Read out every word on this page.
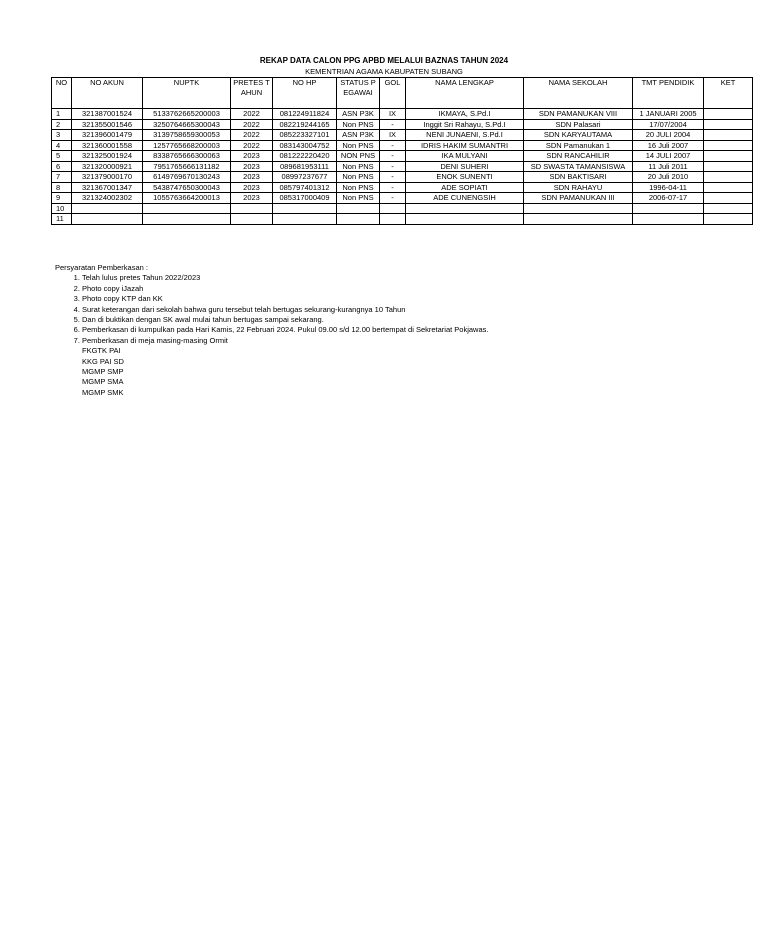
REKAP DATA CALON PPG APBD MELALUI BAZNAS TAHUN 2024
KEMENTRIAN AGAMA KABUPATEN SUBANG
NO	NO AKUN	NUPTK	PRETES TAHUN	NO HP	STATUS PEGAWAI	GOL	NAMA LENGKAP	NAMA SEKOLAH	TMT PENDIDIK	KET
1	321387001524	5133762665200003	2022	081224911824	ASN P3K	IX	IKMAYA, S.Pd.I	SDN PAMANUKAN VIII	1 JANUARI 2005	
2	321355001546	3250764665300043	2022	082219244165	Non PNS	-	Inggit Sri Rahayu, S.Pd.I	SDN Palasari	17/07/2004	
3	321396001479	3139758659300053	2022	085223327101	ASN P3K	IX	NENI JUNAENI, S.Pd.I	SDN KARYAUTAMA	20 JULI 2004	
4	321360001558	1257765668200003	2022	083143004752	Non PNS	-	IDRIS HAKIM SUMANTRI	SDN Pamanukan 1	16 Juli 2007	
5	321325001924	8338765666300063	2023	081222220420	NON PNS	-	IKA MULYANI	SDN RANCAHILIR	14 JULI 2007	
6	321320000921	7951765666131182	2023	089681953111	Non PNS	-	DENI SUHERI	SD SWASTA TAMANSISWA	11 Juli 2011	
7	321379000170	6149769670130243	2023	08997237677	Non PNS	-	ENOK SUNENTI	SDN BAKTISARI	20 Juli 2010	
8	321367001347	5438747650300043	2023	085797401312	Non PNS	-	ADE SOPIATI	SDN RAHAYU	1996-04-11	
9	321324002302	1055763664200013	2023	085317000409	Non PNS	-	ADE CUNENGSIH	SDN PAMANUKAN III	2006-07-17	
10										
11										
Persyaratan Pemberkasan :
1. Telah lulus pretes Tahun 2022/2023
2. Photo copy iJazah
3. Photo copy KTP dan KK
4. Surat keterangan dari sekolah bahwa guru tersebut telah bertugas sekurang-kurangnya 10 Tahun
5. Dan di buktikan dengan SK awal mulai tahun bertugas sampai sekarang.
6. Pemberkasan di kumpulkan pada Hari Kamis, 22 Februari 2024. Pukul 09.00 s/d 12.00 bertempat di Sekretariat Pokjawas.
7. Pemberkasan di meja masing-masing Ormit
FKGTK PAI
KKG PAI SD
MGMP SMP
MGMP SMA
MGMP SMK
